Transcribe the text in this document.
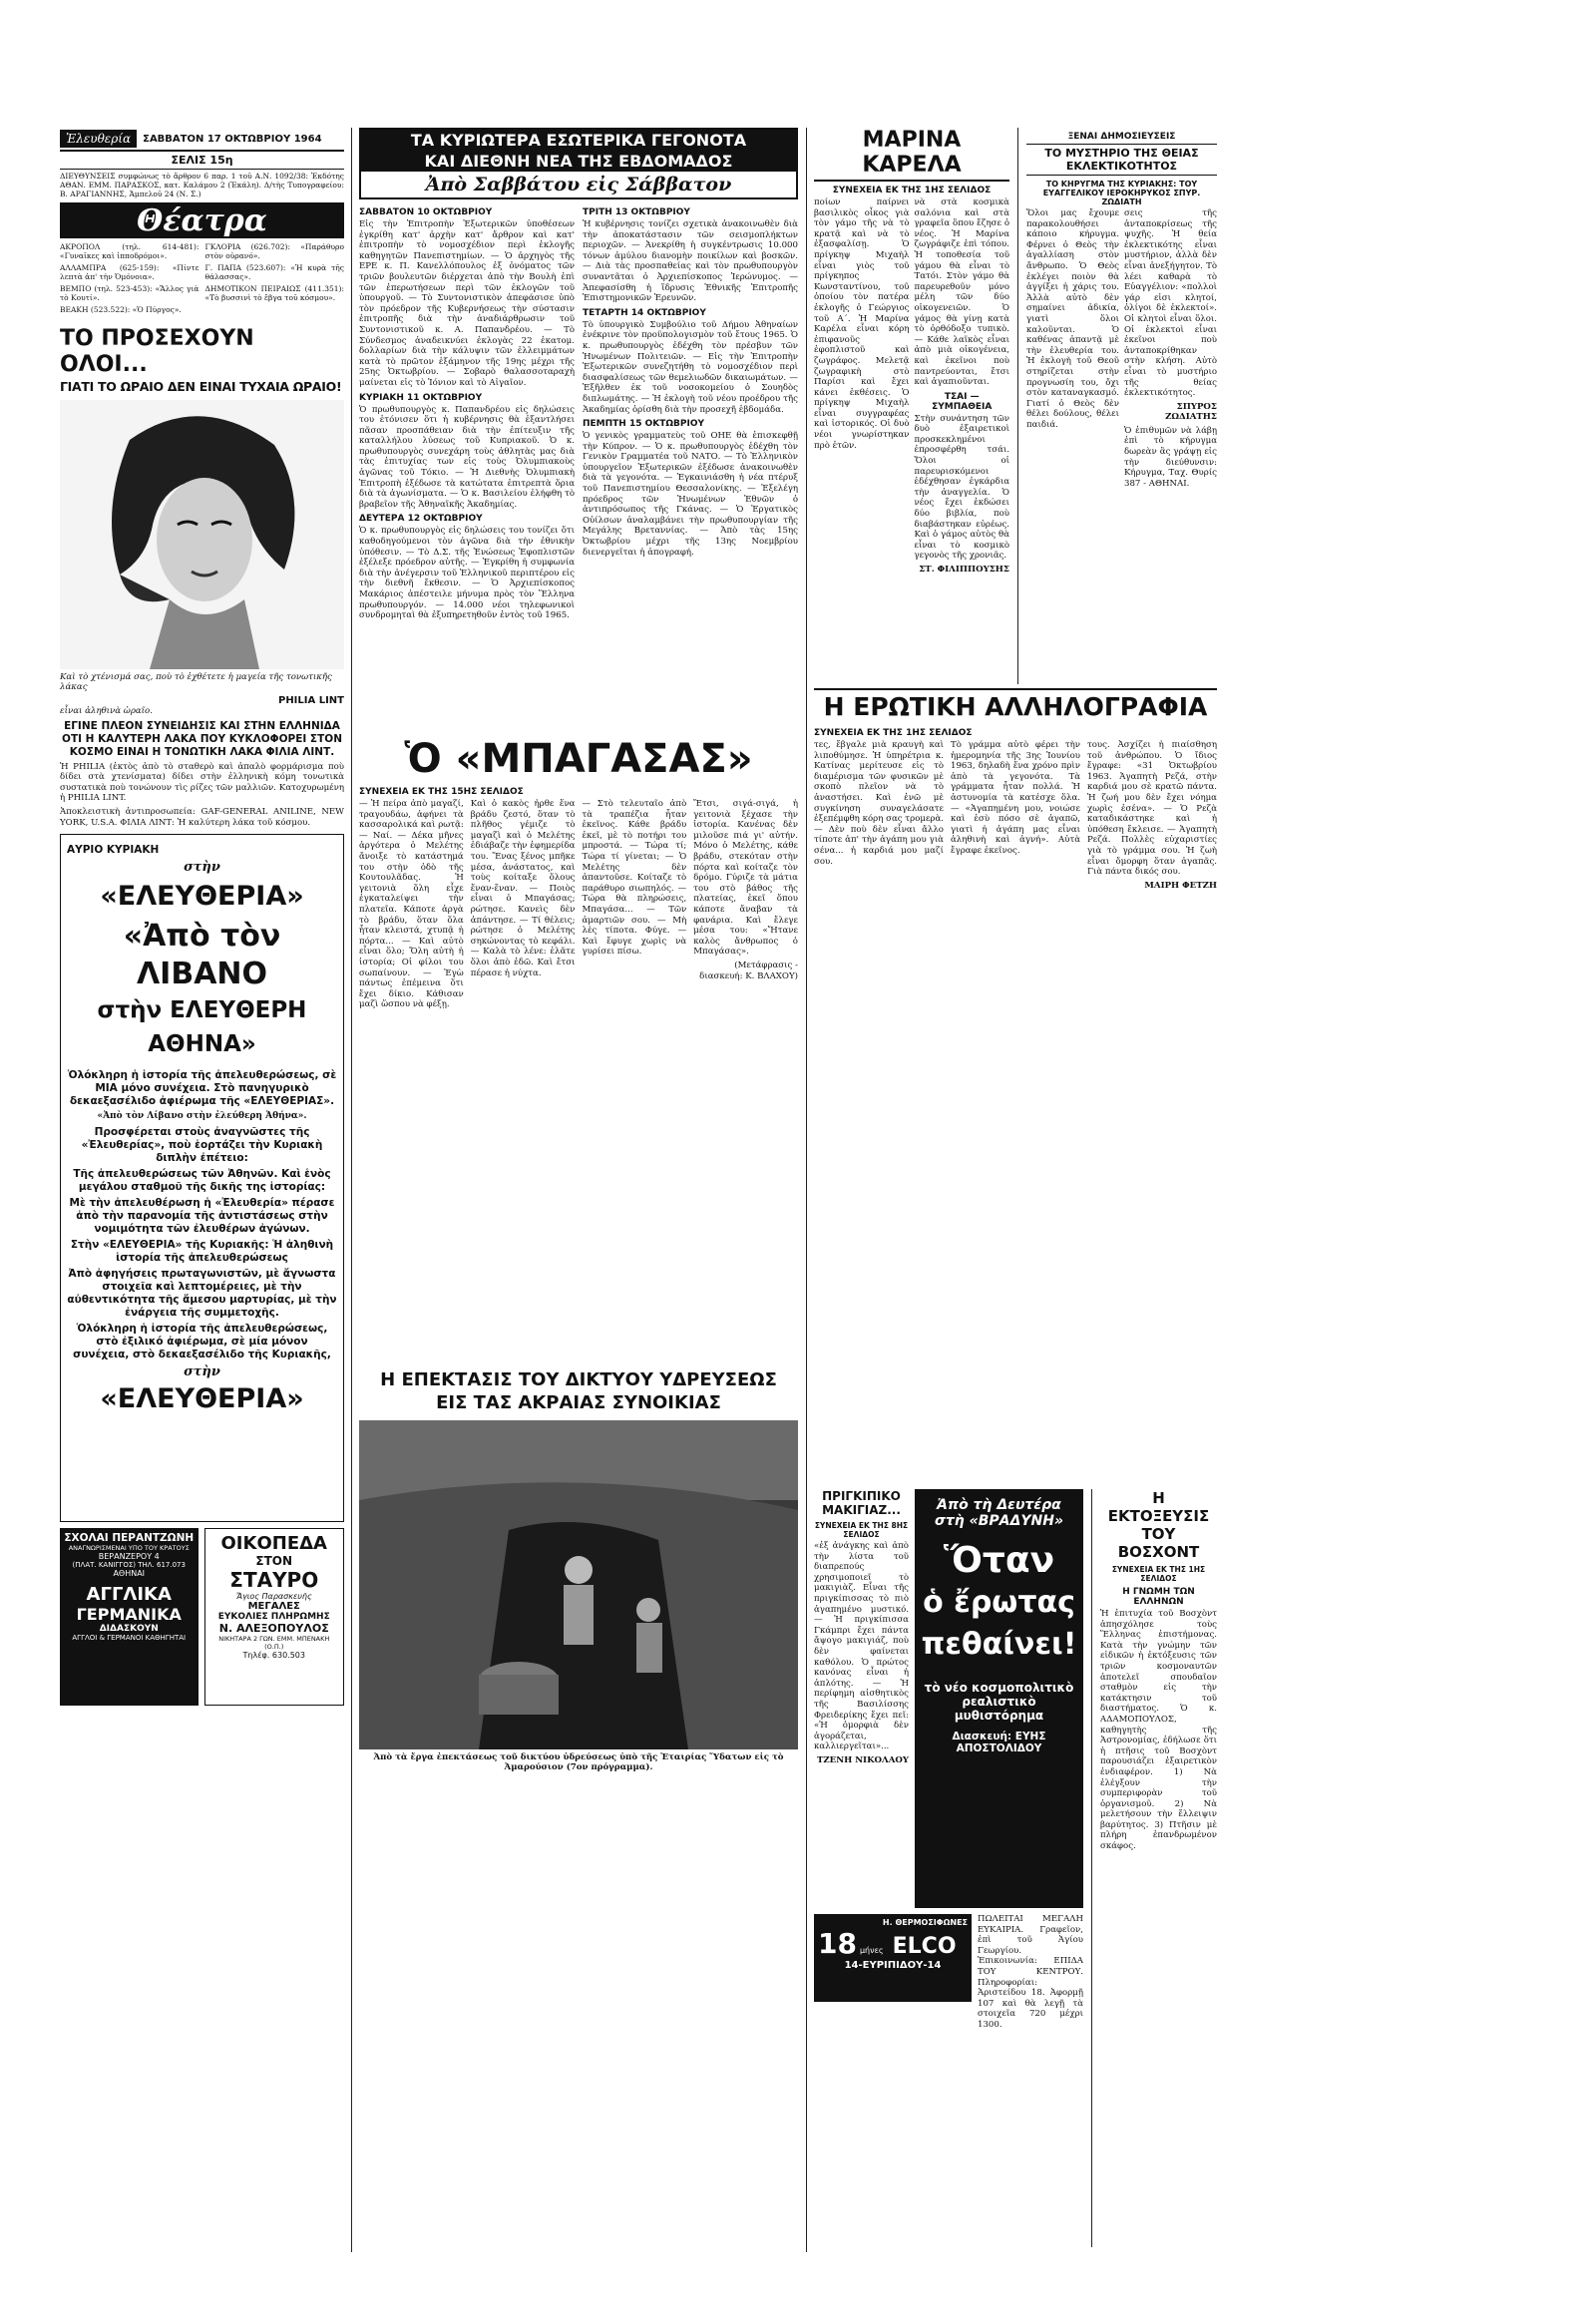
Ἐλευθερία	ΣΑΒΒΑΤΟΝ 17 ΟΚΤΩΒΡΙΟΥ 1964
ΣΕΛΙΣ 15η
ΔΙΕΥΘΥΝΣΕΙΣ συμφώνως τὸ ἄρθρον 6 παρ. 1 τοῦ Α.Ν. 1092/38: Ἐκδότης ΑΘΑΝ. ΕΜΜ. ΠΑΡΑΣΚΟΣ, κατ. Καλάμου 2 (Ἐκάλη). Δ/τὴς Τυπογραφείου: Β. ΑΡΑΓΙΑΝΝΗΣ, Ἀμπελοῦ 24 (Ν. Σ.)
Θέατρα
ΑΚΡΟΠΟΛ (τηλ. 614-481): «Γυναῖκες καὶ ἰπποδρόμοι».
ΑΛΛΑΜΠΡΑ (625-159): «Πίντε λεπτὰ ἀπ' τὴν Ὀμόνοια».
ΒΕΜΠΟ (τηλ. 523-453): «Ἄλλος γιὰ τὸ Κουτί».
ΒΕΑΚΗ (523.522): «Ὁ Πύργος».
ΓΚΛΟΡΙΑ (626.702): «Παράθυρο στὸν οὐρανό».
Γ. ΠΑΠΑ (523.607): «Ἡ κυρὰ τῆς θάλασσας».
ΔΗΜΟΤΙΚΟΝ ΠΕΙΡΑΙΩΣ (411.351): «Τὸ βυσσινὶ τὸ ἔβγα τοῦ κόσμου».
ΤΟ ΠΡΟΣΕΧΟΥΝ ΟΛΟΙ...
ΓΙΑΤΙ ΤΟ ΩΡΑΙΟ ΔΕΝ ΕΙΝΑΙ ΤΥΧΑΙΑ ΩΡΑΙΟ!
Καὶ τὸ χτένισμά σας, ποὺ τὸ ἐχθέτετε ἡ μαγεία τῆς τονωτικῆς λάκας
PHILIA LINT
εἶναι ἀληθινὰ ὡραῖο.
ΕΓΙΝΕ ΠΛΕΟΝ ΣΥΝΕΙΔΗΣΙΣ ΚΑΙ ΣΤΗΝ ΕΛΛΗΝΙΔΑ ΟΤΙ Η ΚΑΛΥΤΕΡΗ ΛΑΚΑ ΠΟΥ ΚΥΚΛΟΦΟΡΕΙ ΣΤΟΝ ΚΟΣΜΟ ΕΙΝΑΙ Η ΤΟΝΩΤΙΚΗ ΛΑΚΑ ΦΙΛΙΑ ΛΙΝΤ.
Ἡ PHILIA (ἐκτὸς ἀπὸ τὸ σταθερὸ καὶ ἁπαλὸ φορμάρισμα ποὺ δίδει στὰ χτενίσματα) δίδει στὴν ἐλληνικὴ κόμη τονωτικὰ συστατικὰ ποὺ τονώνουν τὶς ρίζες τῶν μαλλιῶν. Κατοχυρωμένη ἡ PHILIA LINT.
Ἀποκλειστικὴ ἀντιπροσωπεία: GAF-GENERAL ANILINE, NEW YORK, U.S.A. ΦΙΛΙΑ ΛΙΝΤ: Ἡ καλύτερη λάκα τοῦ κόσμου.
ΑΥΡΙΟ ΚΥΡΙΑΚΗ
στὴν
«ΕΛΕΥΘΕΡΙΑ»
«Ἀπὸ τὸν ΛΙΒΑΝΟ
στὴν ΕΛΕΥΘΕΡΗ ΑΘΗΝΑ»
Ὁλόκληρη ἡ ἱστορία τῆς ἀπελευθερώσεως, σὲ ΜΙΑ μόνο συνέχεια. Στὸ πανηγυρικὸ δεκαεξασέλιδο ἀφιέρωμα τῆς «ΕΛΕΥΘΕΡΙΑΣ».
«Ἀπὸ τὸν Λίβανο στὴν ἐλεύθερη Ἀθήνα».
Προσφέρεται στοὺς ἀναγνῶστες τῆς «Ἐλευθερίας», ποὺ ἑορτάζει τὴν Κυριακὴ διπλὴν ἐπέτειο:
Τῆς ἀπελευθερώσεως τῶν Ἀθηνῶν. Καὶ ἑνὸς μεγάλου σταθμοῦ τῆς δικῆς της ἱστορίας:
Μὲ τὴν ἀπελευθέρωση ἡ «Ἐλευθερία» πέρασε ἀπὸ τὴν παρανομία τῆς ἀντιστάσεως στὴν νομιμότητα τῶν ἐλευθέρων ἀγώνων.
Στὴν «ΕΛΕΥΘΕΡΙΑ» τῆς Κυριακῆς: Ἡ ἀληθινὴ ἱστορία τῆς ἀπελευθερώσεως
Ἀπὸ ἀφηγήσεις πρωταγωνιστῶν, μὲ ἄγνωστα στοιχεῖα καὶ λεπτομέρειες, μὲ τὴν αὐθεντικότητα τῆς ἄμεσου μαρτυρίας, μὲ τὴν ἐνάργεια τῆς συμμετοχῆς.
Ὁλόκληρη ἡ ἱστορία τῆς ἀπελευθερώσεως, στὸ ἐξιλικό ἀφιέρωμα, σὲ μία μόνον συνέχεια, στὸ δεκαεξασέλιδο τῆς Κυριακῆς,
στὴν
«ΕΛΕΥΘΕΡΙΑ»
ΣΧΟΛΑΙ ΠΕΡΑΝΤΖΩΝΗ
ΑΝΑΓΝΩΡΙΣΜΕΝΑΙ ΥΠΟ ΤΟΥ ΚΡΑΤΟΥΣ
ΒΕΡΑΝΖΕΡΟΥ 4
(ΠΛΑΤ. ΚΑΝΙΓΓΟΣ) ΤΗΛ. 617.073
ΑΘΗΝΑΙ
ΑΓΓΛΙΚΑ
ΓΕΡΜΑΝΙΚΑ
ΔΙΔΑΣΚΟΥΝ
ΑΓΓΛΟΙ & ΓΕΡΜΑΝΟΙ ΚΑΘΗΓΗΤΑΙ
ΟΙΚΟΠΕΔΑ
ΣΤΟΝ
ΣΤΑΥΡΟ
Ἄγιος Παρασκευῆς
ΜΕΓΑΛΕΣ
ΕΥΚΟΛΙΕΣ ΠΛΗΡΩΜΗΣ
Ν. ΑΛΕΞΟΠΟΥΛΟΣ
ΝΙΚΗΤΑΡΑ 2 ΓΩΝ. ΕΜΜ. ΜΠΕΝΑΚΗ (Ο.Π.)
Τηλέφ. 630.503
ΤΑ ΚΥΡΙΩΤΕΡΑ ΕΣΩΤΕΡΙΚΑ ΓΕΓΟΝΟΤΑ
ΚΑΙ ΔΙΕΘΝΗ ΝΕΑ ΤΗΣ ΕΒΔΟΜΑΔΟΣ
Ἀπὸ Σαββάτου εἰς Σάββατον
ΣΑΒΒΑΤΟΝ 10 ΟΚΤΩΒΡΙΟΥ
Εἰς τὴν Ἐπιτροπὴν Ἐξωτερικῶν ὑποθέσεων ἐγκρίθη κατ' ἀρχὴν κατ' ἄρθρον καὶ κατ' ἐπιτροπὴν τὸ νομοσχέδιον περὶ ἐκλογῆς καθηγητῶν Πανεπιστημίων. — Ὁ ἀρχηγὸς τῆς ΕΡΕ κ. Π. Κανελλόπουλος ἐξ ὀνόματος τῶν τριῶν βουλευτῶν διέρχεται ἀπὸ τὴν Βουλὴ ἐπὶ τῶν ἐπερωτήσεων περὶ τῶν ἐκλογῶν τοῦ ὑπουργοῦ. — Τὸ Συντονιστικὸν ἀπεφάσισε ὑπὸ τὸν πρόεδρον τῆς Κυβερνήσεως τὴν σύστασιν ἐπιτροπῆς διὰ τὴν ἀναδιάρθρωσιν τοῦ Συντονιστικοῦ κ. Α. Παπανδρέου. — Τὸ Σύνδεσμος ἀναδεικνύει ἐκλογὰς 22 ἑκατομ. δολλαρίων διὰ τὴν κάλυψιν τῶν ἐλλειμμάτων κατὰ τὸ πρῶτον ἑξάμηνον τῆς 19ης μέχρι τῆς 25ης Ὀκτωβρίου. — Σοβαρὸ θαλασσοταραχὴ μαίνεται εἰς τὸ Ἰόνιον καὶ τὸ Αἰγαῖον.
ΚΥΡΙΑΚΗ 11 ΟΚΤΩΒΡΙΟΥ
Ὁ πρωθυπουργὸς κ. Παπανδρέου εἰς δηλώσεις του ἐτόνισεν ὅτι ἡ κυβέρνησις θὰ ἐξαντλήσει πᾶσαν προσπάθειαν διὰ τὴν ἐπίτευξιν τῆς καταλλήλου λύσεως τοῦ Κυπριακοῦ. Ὁ κ. πρωθυπουργὸς συνεχάρη τοὺς ἀθλητὰς μας διὰ τὰς ἐπιτυχίας των εἰς τοὺς Ὀλυμπιακοὺς ἀγῶνας τοῦ Τόκιο. — Ἡ Διεθνὴς Ὀλυμπιακὴ Ἐπιτροπὴ ἐξέδωσε τὰ κατώτατα ἐπιτρεπτὰ ὅρια διὰ τὰ ἀγωνίσματα. — Ὁ κ. Βασιλείου ἐλήφθη τὸ βραβεῖον τῆς Ἀθηναϊκῆς Ἀκαδημίας.
ΔΕΥΤΕΡΑ 12 ΟΚΤΩΒΡΙΟΥ
Ὁ κ. πρωθυπουργὸς εἰς δηλώσεις του τονίζει ὅτι καθοδηγούμενοι τὸν ἀγῶνα διὰ τὴν ἐθνικὴν ὑπόθεσιν. — Τὸ Δ.Σ. τῆς Ἑνώσεως Ἐφοπλιστῶν ἐξέλεξε πρόεδρον αὐτῆς. — Ἐγκρίθη ἡ συμφωνία διὰ τὴν ἀνέγερσιν τοῦ Ἑλληνικοῦ περιπτέρου εἰς τὴν διεθνῆ ἔκθεσιν. — Ὁ Ἀρχιεπίσκοπος Μακάριος ἀπέστειλε μήνυμα πρὸς τὸν Ἕλληνα πρωθυπουργόν. — 14.000 νέοι τηλεφωνικοὶ συνδρομηταὶ θὰ ἐξυπηρετηθοῦν ἐντὸς τοῦ 1965.
ΤΡΙΤΗ 13 ΟΚΤΩΒΡΙΟΥ
Ἡ κυβέρνησις τονίζει σχετικὰ ἀνακοινωθὲν διὰ τὴν ἀποκατάστασιν τῶν σεισμοπλήκτων περιοχῶν. — Ἀνεκρίθη ἡ συγκέντρωσις 10.000 τόνων ἀμύλου διανομὴν ποικίλων καὶ βοσκῶν. — Διὰ τὰς προσπαθείας καὶ τὸν πρωθυπουργὸν συναντᾶται ὁ Ἀρχιεπίσκοπος Ἰερώνυμος. — Ἀπεφασίσθη ἡ ἵδρυσις Ἐθνικῆς Ἐπιτροπῆς Ἐπιστημονικῶν Ἐρευνῶν.
ΤΕΤΑΡΤΗ 14 ΟΚΤΩΒΡΙΟΥ
Τὸ ὑπουργικὸ Συμβούλιο τοῦ Δήμου Ἀθηναίων ἐνέκρινε τὸν προϋπολογισμὸν τοῦ ἔτους 1965. Ὁ κ. πρωθυπουργὸς ἐδέχθη τὸν πρέσβυν τῶν Ἡνωμένων Πολιτειῶν. — Εἰς τὴν Ἐπιτροπὴν Ἐξωτερικῶν συνεζητήθη τὸ νομοσχέδιον περὶ διασφαλίσεως τῶν θεμελιωδῶν δικαιωμάτων. — Ἐξῆλθεν ἐκ τοῦ νοσοκομείου ὁ Σουηδὸς διπλωμάτης. — Ἡ ἐκλογὴ τοῦ νέου προέδρου τῆς Ἀκαδημίας ὁρίσθη διὰ τὴν προσεχῆ ἑβδομάδα.
ΠΕΜΠΤΗ 15 ΟΚΤΩΒΡΙΟΥ
Ὁ γενικὸς γραμματεὺς τοῦ ΟΗΕ θὰ ἐπισκεφθῇ τὴν Κύπρον. — Ὁ κ. πρωθυπουργὸς ἐδέχθη τὸν Γενικὸν Γραμματέα τοῦ ΝΑΤΟ. — Τὸ Ἑλληνικὸν ὑπουργεῖον Ἐξωτερικῶν ἐξέδωσε ἀνακοινωθὲν διὰ τὰ γεγονότα. — Ἐγκαινιάσθη ἡ νέα πτέρυξ τοῦ Πανεπιστημίου Θεσσαλονίκης. — Ἐξελέγη πρόεδρος τῶν Ἡνωμένων Ἐθνῶν ὁ ἀντιπρόσωπος τῆς Γκάνας. — Ὁ Ἐργατικὸς Οὐίλσων ἀναλαμβάνει τὴν πρωθυπουργίαν τῆς Μεγάλης Βρεταννίας. — Ἀπὸ τὰς 15ης Ὀκτωβρίου μέχρι τῆς 13ης Νοεμβρίου διενεργεῖται ἡ ἀπογραφή.
Ὁ «ΜΠΑΓΑΣΑΣ»
ΣΥΝΕΧΕΙΑ ΕΚ ΤΗΣ 15ΗΣ ΣΕΛΙΔΟΣ

— Ἡ πείρα ἀπὸ μαγαζί, τραγουδάω, ἀφήνει τὰ κασσαρολικά καὶ ρωτᾷ: — Ναί. — Δέκα μῆνες ἀργότερα ὁ Μελέτης ἄνοιξε τὸ κατάστημά του στὴν ὁδὸ τῆς Κουτουλᾶδας. Ἡ γειτονιὰ ὅλη εἶχε ἐγκαταλείψει τὴν πλατεῖα. Κάποτε ἀργὰ τὸ βράδυ, ὅταν ὅλα ἦταν κλειστά, χτυπᾷ ἡ πόρτα... — Καὶ αὐτὸ εἶναι ὅλο; Ὅλη αὐτὴ ἡ ἱστορία; Οἱ φίλοι του σωπαίνουν. — Ἐγὼ πάντως ἐπέμεινα ὅτι ἔχει δίκιο. Κάθισαν μαζὶ ὥσπου νὰ φέξῃ.

Καὶ ὁ κακὸς ἦρθε ἕνα βράδυ ζεστό, ὅταν τὸ πλῆθος γέμιζε τὸ μαγαζὶ καὶ ὁ Μελέτης ἐδιάβαζε τὴν ἐφημερίδα του. Ἕνας ξένος μπῆκε μέσα, ἀνάστατος, καὶ τοὺς κοίταξε ὅλους ἕναν-ἕναν. — Ποιὸς εἶναι ὁ Μπαγάσας; ρώτησε. Κανεὶς δὲν ἀπάντησε. — Τί θέλεις; ρώτησε ὁ Μελέτης σηκώνοντας τὸ κεφάλι. — Καλὰ τὸ λένε: ἐλᾶτε ὅλοι ἀπὸ ἐδῶ. Καὶ ἔτσι πέρασε ἡ νύχτα.

— Στὸ τελευταῖο ἀπὸ τὰ τραπέζια ἦταν ἐκεῖνος. Κάθε βράδυ ἐκεῖ, μὲ τὸ ποτήρι του μπροστά. — Τώρα τί; Τώρα τί γίνεται; — Ὁ Μελέτης δὲν ἀπαντοῦσε. Κοίταζε τὸ παράθυρο σιωπηλός. — Τώρα θὰ πληρώσεις, Μπαγάσα... — Τῶν ἁμαρτιῶν σου. — Μὴ λὲς τίποτα. Φύγε. — Καὶ ἔφυγε χωρὶς νὰ γυρίσει πίσω.

Ἔτσι, σιγά-σιγά, ἡ γειτονιὰ ξέχασε τὴν ἱστορία. Κανένας δὲν μιλοῦσε πιά γι' αὐτήν. Μόνο ὁ Μελέτης, κάθε βράδυ, στεκόταν στὴν πόρτα καὶ κοίταζε τὸν δρόμο. Γύριζε τὰ μάτια του στὸ βάθος τῆς πλατείας, ἐκεῖ ὅπου κάποτε ἄναβαν τὰ φανάρια. Καὶ ἔλεγε μέσα του: «Ἤτανε καλὸς ἄνθρωπος ὁ Μπαγάσας».

(Μετάφρασις - διασκευή: Κ. ΒΛΑΧΟΥ)

Η ΕΠΕΚΤΑΣΙΣ ΤΟΥ ΔΙΚΤΥΟΥ ΥΔΡΕΥΣΕΩΣ
ΕΙΣ ΤΑΣ ΑΚΡΑΙΑΣ ΣΥΝΟΙΚΙΑΣ
Ἀπὸ τὰ ἔργα ἐπεκτάσεως τοῦ δικτύου ὑδρεύσεως ὑπὸ τῆς Ἑταιρίας Ὕδατων εἰς τὸ Ἀμαρούσιον (7ον πρόγραμμα).
ΜΑΡΙΝΑ ΚΑΡΕΛΑ
ΣΥΝΕΧΕΙΑ ΕΚ ΤΗΣ 1ΗΣ ΣΕΛΙΔΟΣ

ποίων παίρνει βασιλικὸς οἶκος γιὰ τὸν γάμο τῆς νὰ τὸ κρατᾷ καὶ νὰ τὸ ἐξασφαλίσῃ. Ὁ πρίγκηψ Μιχαὴλ εἶναι γιὸς τοῦ πρίγκηπος Κωνσταντίνου, τοῦ ὁποίου τὸν πατέρα ἐκλογῆς ὁ Γεώργιος τοῦ Α΄. Ἡ Μαρίνα Καρέλα εἶναι κόρη ἐπιφανοῦς ἐφοπλιστοῦ καὶ ζωγράφος. Μελετᾷ ζωγραφικὴ στὸ Παρίσι καὶ ἔχει κάνει ἐκθέσεις. Ὁ πρίγκηψ Μιχαὴλ εἶναι συγγραφέας καὶ ἱστορικός. Οἱ δυὸ νέοι γνωρίστηκαν πρὸ ἐτῶν.

νὰ στὰ κοσμικὰ σαλόνια καὶ στὰ γραφεῖα ὅπου ἔζησε ὁ νέος. Ἡ Μαρίνα ζωγράφιζε ἐπὶ τόπου. Ἡ τοποθεσία τοῦ γάμου θὰ εἶναι τὸ Τατόι. Στὸν γάμο θὰ παρευρεθοῦν μόνο μέλη τῶν δύο οἰκογενειῶν. Ὁ γάμος θὰ γίνῃ κατὰ τὸ ὀρθόδοξο τυπικὸ. — Κάθε λαϊκὸς εἶναι ἀπὸ μιὰ οἰκογένεια, καὶ ἐκεῖνοι ποὺ παντρεύονται, ἔτσι καὶ ἀγαπιοῦνται.

ΤΣΑΙ — ΣΥΜΠΑΘΕΙΑ

Στὴν συνάντηση τῶν δυὸ ἐξαιρετικοὶ προσκεκλημένοι ἐπροσφέρθη τσάι. Ὅλοι οἱ παρευρισκόμενοι ἐδέχθησαν ἐγκάρδια τὴν ἀναγγελία. Ὁ νέος ἔχει ἐκδώσει δύο βιβλία, ποὺ διαβάστηκαν εὐρέως. Καὶ ὁ γάμος αὐτὸς θὰ εἶναι τὸ κοσμικὸ γεγονὸς τῆς χρονιᾶς.

ΣΤ. ΦΙΛΙΠΠΟΥΣΗΣ

ΞΕΝΑΙ ΔΗΜΟΣΙΕΥΣΕΙΣ
ΤΟ ΜΥΣΤΗΡΙΟ ΤΗΣ ΘΕΙΑΣ ΕΚΛΕΚΤΙΚΟΤΗΤΟΣ
ΤΟ ΚΗΡΥΓΜΑ ΤΗΣ ΚΥΡΙΑΚΗΣ: ΤΟΥ ΕΥΑΓΓΕΛΙΚΟΥ ΙΕΡΟΚΗΡΥΚΟΣ ΣΠΥΡ. ΖΩΔΙΑΤΗ

Ὅλοι μας ἔχουμε παρακολουθήσει κάποιο κήρυγμα. Φέρνει ὁ Θεὸς τὴν ἀγαλλίαση στὸν ἄνθρωπο. Ὁ Θεὸς ἐκλέγει ποιὸν θὰ ἀγγίξει ἡ χάρις του. Ἀλλὰ αὐτὸ δὲν σημαίνει ἀδικία, γιατὶ ὅλοι καλοῦνται. Ὁ καθένας ἀπαντᾷ μὲ τὴν ἐλευθερία του. Ἡ ἐκλογὴ τοῦ Θεοῦ στηρίζεται στὴν προγνωσίη του, ὄχι στὸν καταναγκασμό. Γιατί ὁ Θεὸς δὲν θέλει δούλους, θέλει παιδιά.

σεις τῆς ἀνταποκρίσεως τῆς ψυχῆς. Ἡ θεία ἐκλεκτικότης εἶναι μυστήριον, ἀλλὰ δὲν εἶναι ἀνεξήγητον. Τὸ λέει καθαρὰ τὸ Εὐαγγέλιον: «πολλοὶ γάρ εἰσι κλητοί, ὀλίγοι δὲ ἐκλεκτοί». Οἱ κλητοὶ εἶναι ὅλοι. Οἱ ἐκλεκτοὶ εἶναι ἐκεῖνοι ποὺ ἀνταποκρίθηκαν στὴν κλήση. Αὐτὸ εἶναι τὸ μυστήριο τῆς θείας ἐκλεκτικότητος.

ΣΠΥΡΟΣ ΖΩΔΙΑΤΗΣ

Ὁ ἐπιθυμῶν νὰ λάβῃ ἐπὶ τὸ κήρυγμα δωρεὰν ἂς γράψῃ εἰς τὴν διεύθυνσιν: Κήρυγμα, Ταχ. Θυρίς 387 - ΑΘΗΝΑΙ.

Η ΕΡΩΤΙΚΗ ΑΛΛΗΛΟΓΡΑΦΙΑ
ΣΥΝΕΧΕΙΑ ΕΚ ΤΗΣ 1ΗΣ ΣΕΛΙΔΟΣ

τες, ἔβγαλε μιὰ κραυγὴ καὶ λιποθύμησε. Ἡ ὑπηρέτρια κ. Κατίνας μερίτευσε εἰς τὸ διαμέρισμα τῶν φυσικῶν μὲ σκοπὸ πλεῖον νὰ τὸ ἀναστήσει. Καὶ ἐνῶ μὲ συγκίνηση συναγελάσατε ἐξεπέμφθη κόρη σας τρομερὰ. — Δὲν ποὺ δὲν εἶναι ἄλλο τίποτε ἀπ' τὴν ἀγάπη μου γιὰ σένα... ἡ καρδιά μου μαζί σου.

Τὸ γράμμα αὐτὸ φέρει τὴν ἡμερομηνία τῆς 3ης Ἰουνίου 1963, δηλαδὴ ἕνα χρόνο πρὶν ἀπὸ τὰ γεγονότα. Τὰ γράμματα ἦταν πολλά. Ἡ ἀστυνομία τὰ κατέσχε ὅλα. — «Ἀγαπημένη μου, νοιώσε καὶ ἐσὺ πόσο σὲ ἀγαπῶ, γιατὶ ἡ ἀγάπη μας εἶναι ἀληθινὴ καὶ ἀγνή». Αὐτὰ ἔγραφε ἐκεῖνος.

τους. Ἀσχίζει ἡ πιαίσθηση τοῦ ἀνθρώπου. Ὁ ἴδιος ἔγραφε: «31 Ὀκτωβρίου 1963. Ἀγαπητὴ Ρεζά, στὴν καρδιά μου σὲ κρατῶ πάντα. Ἡ ζωή μου δὲν ἔχει νόημα χωρὶς ἐσένα». — Ὁ Ρεζὰ καταδικάστηκε καὶ ἡ ὑπόθεση ἔκλεισε. — Ἀγαπητὴ Ρεζά. Πολλὲς εὐχαριστίες γιὰ τὸ γράμμα σου. Ἡ ζωὴ εἶναι ὄμορφη ὅταν ἀγαπᾶς. Γιὰ πάντα δικός σου.

ΜΑΙΡΗ ΦΕΤΖΗ

ΠΡΙΓΚΙΠΙΚΟ ΜΑΚΙΓΙΑΖ...
ΣΥΝΕΧΕΙΑ ΕΚ ΤΗΣ 8ΗΣ ΣΕΛΙΔΟΣ

«ἐξ ἀνάγκης καὶ ἀπὸ τὴν λίστα τοῦ διαπρεπούς χρησιμοποιεῖ τὸ μακιγιὰζ. Εἶναι τῆς πριγκίπισσας τὸ πιὸ ἀγαπημένο μυστικό. — Ἡ πριγκίπισσα Γκάμπρι ἔχει πάντα ἄψογο μακιγιάζ, ποὺ δὲν φαίνεται καθόλου. Ὁ πρώτος κανόνας εἶναι ἡ ἀπλότης. — Ἡ περίφημη αἰσθητικὸς τῆς Βασιλίσσης Φρειδερίκης ἔχει πεῖ: «Ἡ ὀμορφιὰ δὲν ἀγοράζεται, καλλιεργεῖται»...

ΤΖΕΝΗ ΝΙΚΟΛΑΟΥ

Ἀπὸ τὴ Δευτέρα
στὴ «ΒΡΑΔΥΝΗ»
Ὅταν
ὁ ἔρωτας
πεθαίνει!
τὸ νέο κοσμοπολιτικὸ
ρεαλιστικὸ μυθιστόρημα
Διασκευή: ΕΥΗΣ ΑΠΟΣΤΟΛΙΔΟΥ
Η. ΘΕΡΜΟΣΙΦΩΝΕΣ
18 μήνες ELCO
14-ΕΥΡΙΠΙΔΟΥ-14

ΠΩΛΕΙΤΑΙ ΜΕΓΑΛΗ ΕΥΚΑΙΡΙΑ. Γραφεῖον, ἐπὶ τοῦ Ἁγίου Γεωργίου. Ἐπικοινωνία: ΕΠΙΔΑ ΤΟΥ ΚΕΝΤΡΟΥ. Πληροφορίαι: Ἀριστείδου 18. Ἀφορμῇ 107 καὶ θὰ λεγῇ τὰ στοιχεῖα 720 μέχρι 1300.

Η ΕΚΤΟΞΕΥΣΙΣ
ΤΟΥ ΒΟΣΧΟΝΤ
ΣΥΝΕΧΕΙΑ ΕΚ ΤΗΣ 1ΗΣ ΣΕΛΙΔΟΣ
Η ΓΝΩΜΗ ΤΩΝ ΕΛΛΗΝΩΝ

Ἡ ἐπιτυχία τοῦ Βοσχὸντ ἀπησχόλησε τοὺς Ἕλληνας ἐπιστήμονας. Κατὰ τὴν γνώμην τῶν εἰδικῶν ἡ ἐκτόξευσις τῶν τριῶν κοσμοναυτῶν ἀποτελεῖ σπουδαῖον σταθμὸν εἰς τὴν κατάκτησιν τοῦ διαστήματος. Ὁ κ. ΑΔΑΜΟΠΟΥΛΟΣ, καθηγητὴς τῆς Ἀστρονομίας, ἐδήλωσε ὅτι ἡ πτῆσις τοῦ Βοσχὸντ παρουσιάζει ἐξαιρετικὸν ἐνδιαφέρον. 1) Νὰ ἐλέγξουν τὴν συμπεριφορὰν τοῦ ὀργανισμοῦ. 2) Νὰ μελετήσουν τὴν ἔλλειψιν βαρύτητος. 3) Πτῆσιν μὲ πλήρη ἐπανδρωμένον σκάφος.
